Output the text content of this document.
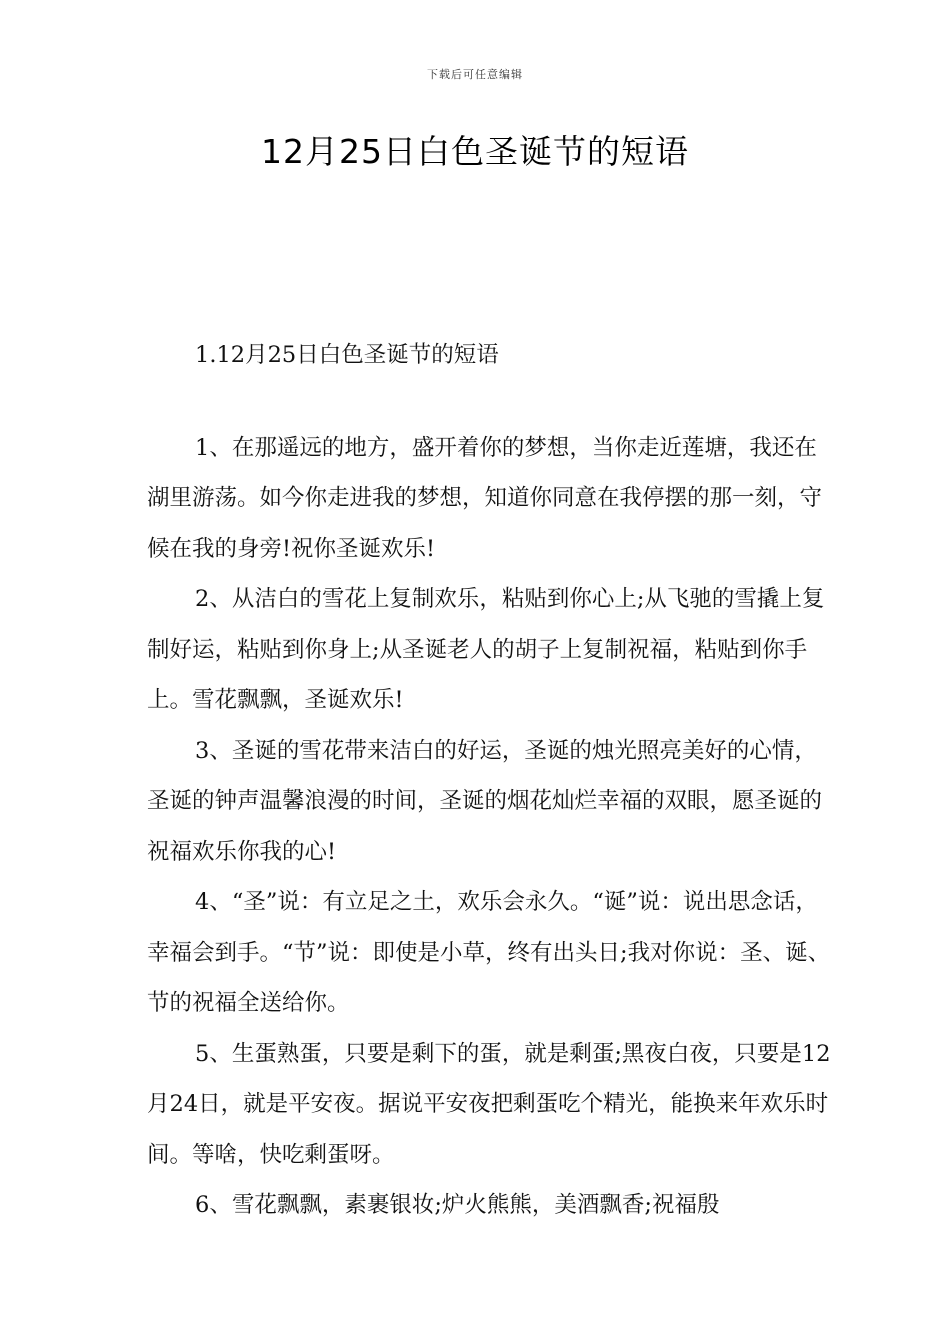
下载后可任意编辑
12月25日白色圣诞节的短语

1.12月25日白色圣诞节的短语

1、在那遥远的地方，盛开着你的梦想，当你走近莲塘，我还在湖里游荡。如今你走进我的梦想，知道你同意在我停摆的那一刻，守候在我的身旁!祝你圣诞欢乐!

2、从洁白的雪花上复制欢乐，粘贴到你心上;从飞驰的雪撬上复制好运，粘贴到你身上;从圣诞老人的胡子上复制祝福，粘贴到你手上。雪花飘飘，圣诞欢乐!

3、圣诞的雪花带来洁白的好运，圣诞的烛光照亮美好的心情，圣诞的钟声温馨浪漫的时间，圣诞的烟花灿烂幸福的双眼，愿圣诞的祝福欢乐你我的心!

4、“圣”说：有立足之土，欢乐会永久。“诞”说：说出思念话，幸福会到手。“节”说：即使是小草，终有出头日;我对你说：圣、诞、节的祝福全送给你。

5、生蛋熟蛋，只要是剩下的蛋，就是剩蛋;黑夜白夜，只要是12月24日，就是平安夜。据说平安夜把剩蛋吃个精光，能换来年欢乐时间。等啥，快吃剩蛋呀。

6、雪花飘飘，素裹银妆;炉火熊熊，美酒飘香;祝福殷
